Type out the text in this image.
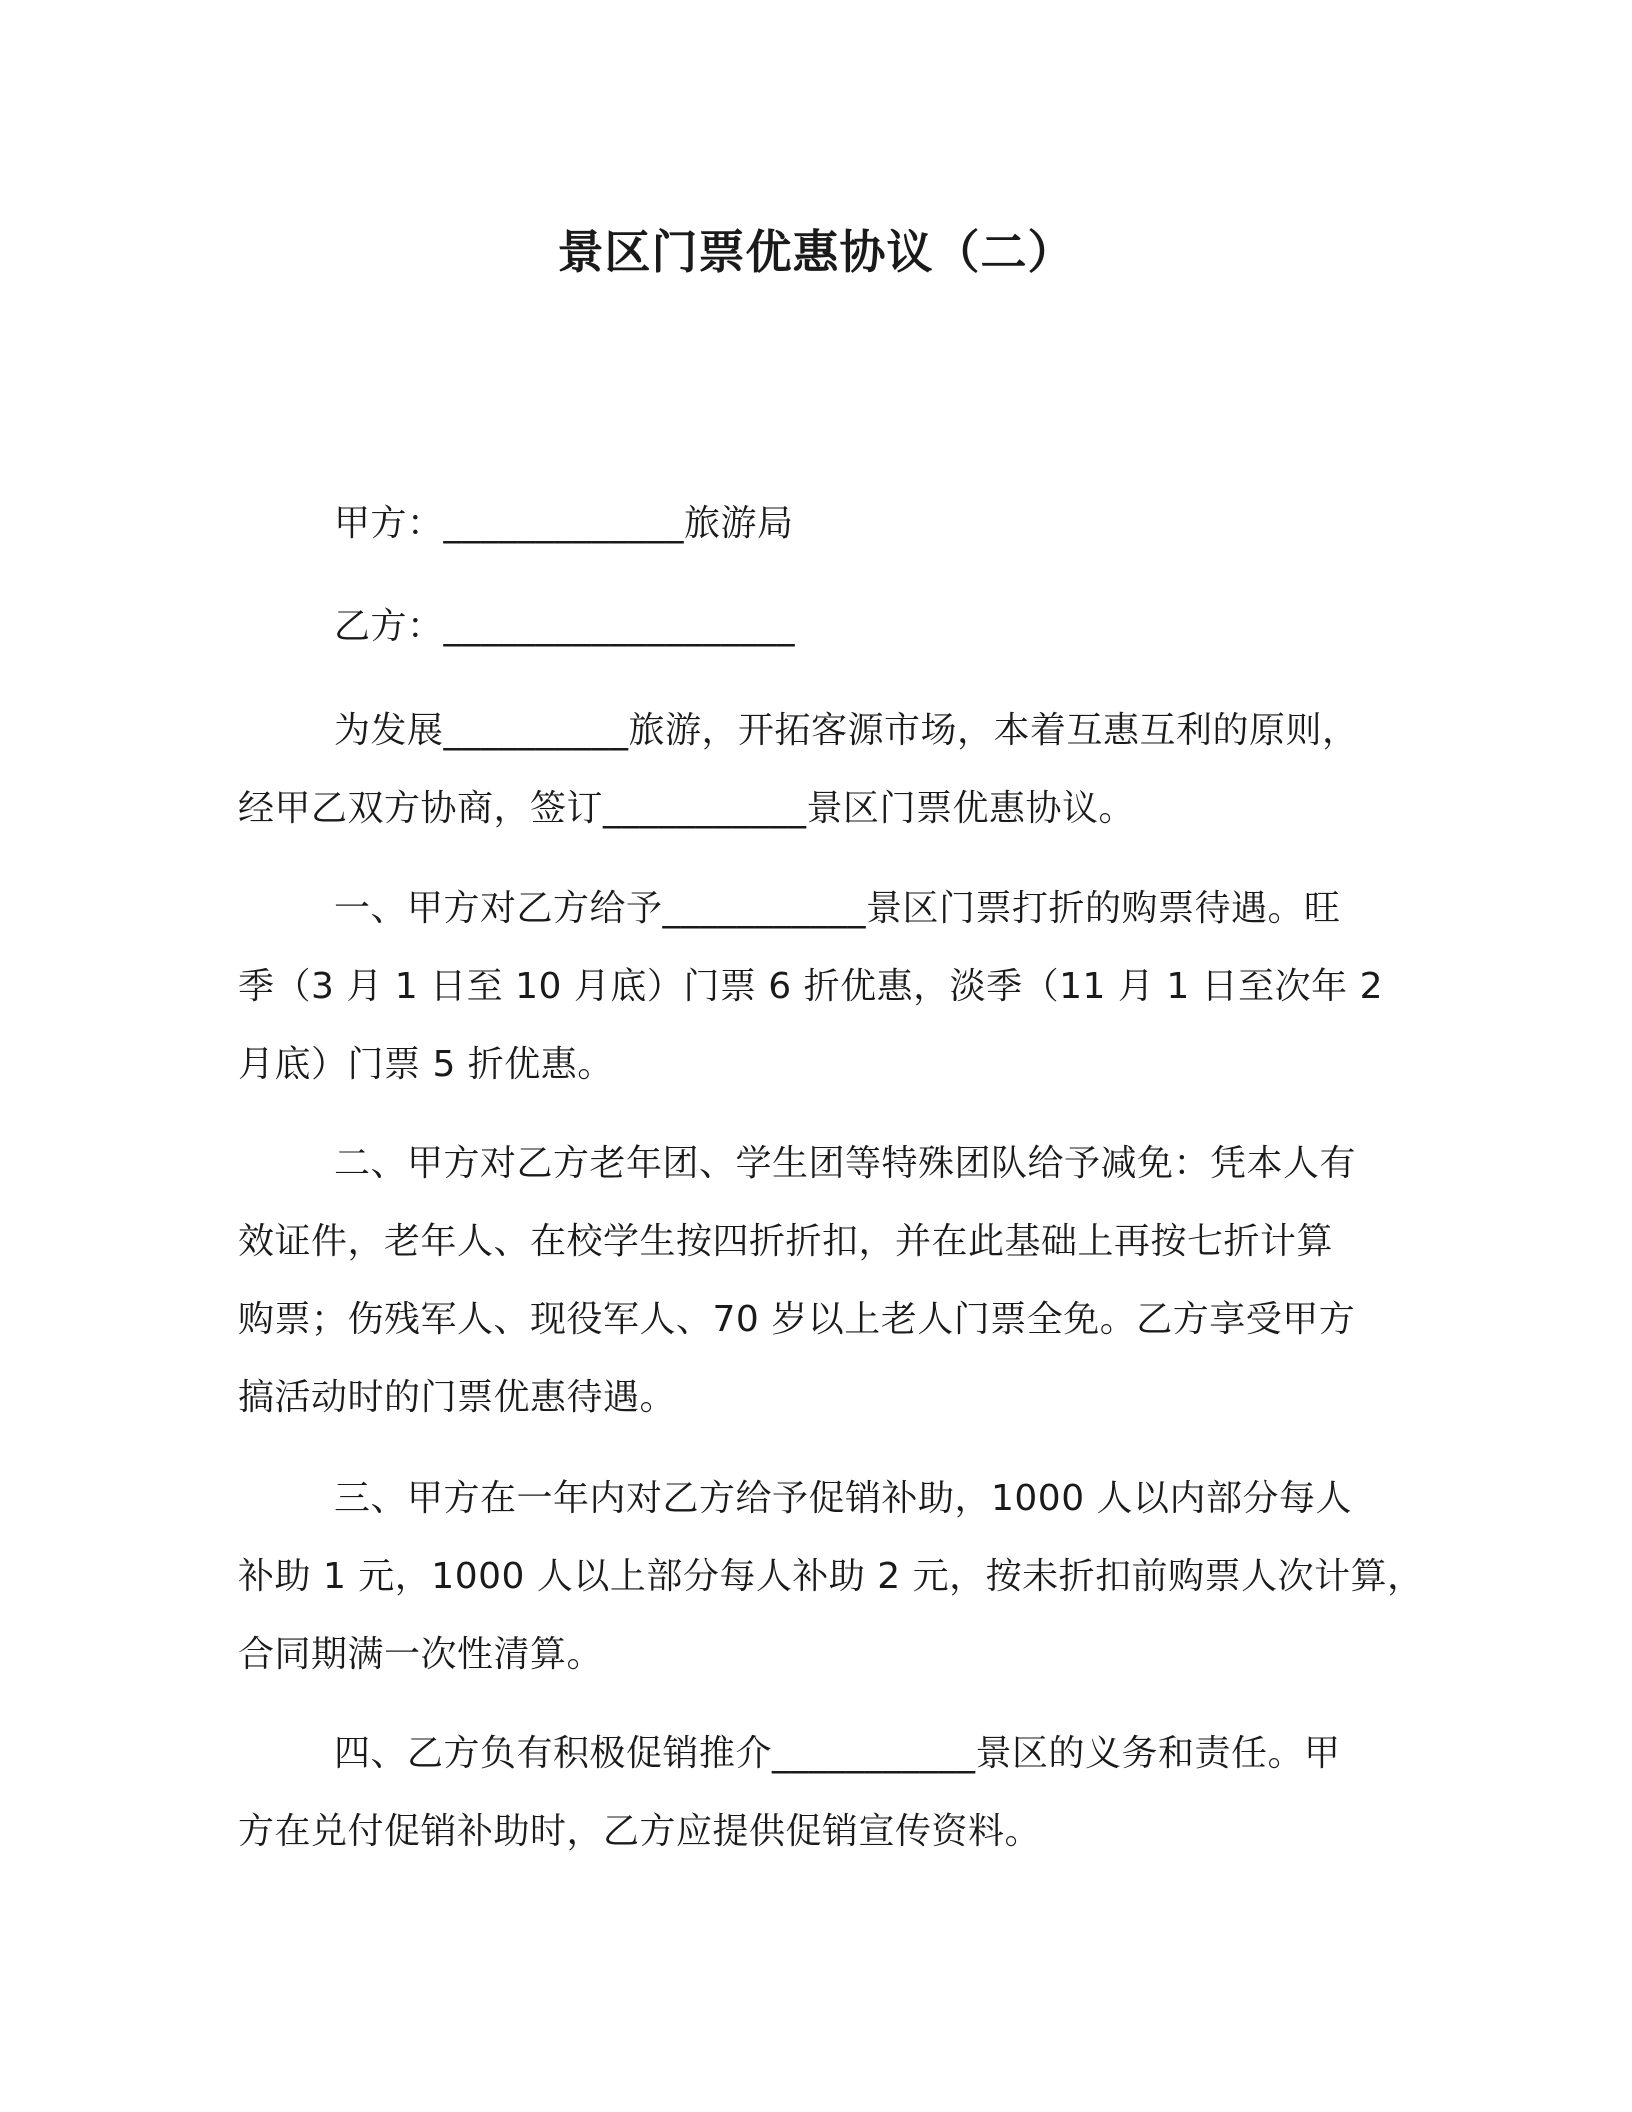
景区门票优惠协议（二）
甲方：_____________旅游局
乙方：___________________
为发展__________旅游，开拓客源市场，本着互惠互利的原则，
经甲乙双方协商，签订___________景区门票优惠协议。
一、甲方对乙方给予___________景区门票打折的购票待遇。旺
季（3 月 1 日至 10 月底）门票 6 折优惠，淡季（11 月 1 日至次年 2
月底）门票 5 折优惠。
二、甲方对乙方老年团、学生团等特殊团队给予减免：凭本人有
效证件，老年人、在校学生按四折折扣，并在此基础上再按七折计算
购票；伤残军人、现役军人、70 岁以上老人门票全免。乙方享受甲方
搞活动时的门票优惠待遇。
三、甲方在一年内对乙方给予促销补助，1000 人以内部分每人
补助 1 元，1000 人以上部分每人补助 2 元，按未折扣前购票人次计算，
合同期满一次性清算。
四、乙方负有积极促销推介___________景区的义务和责任。甲
方在兑付促销补助时，乙方应提供促销宣传资料。
